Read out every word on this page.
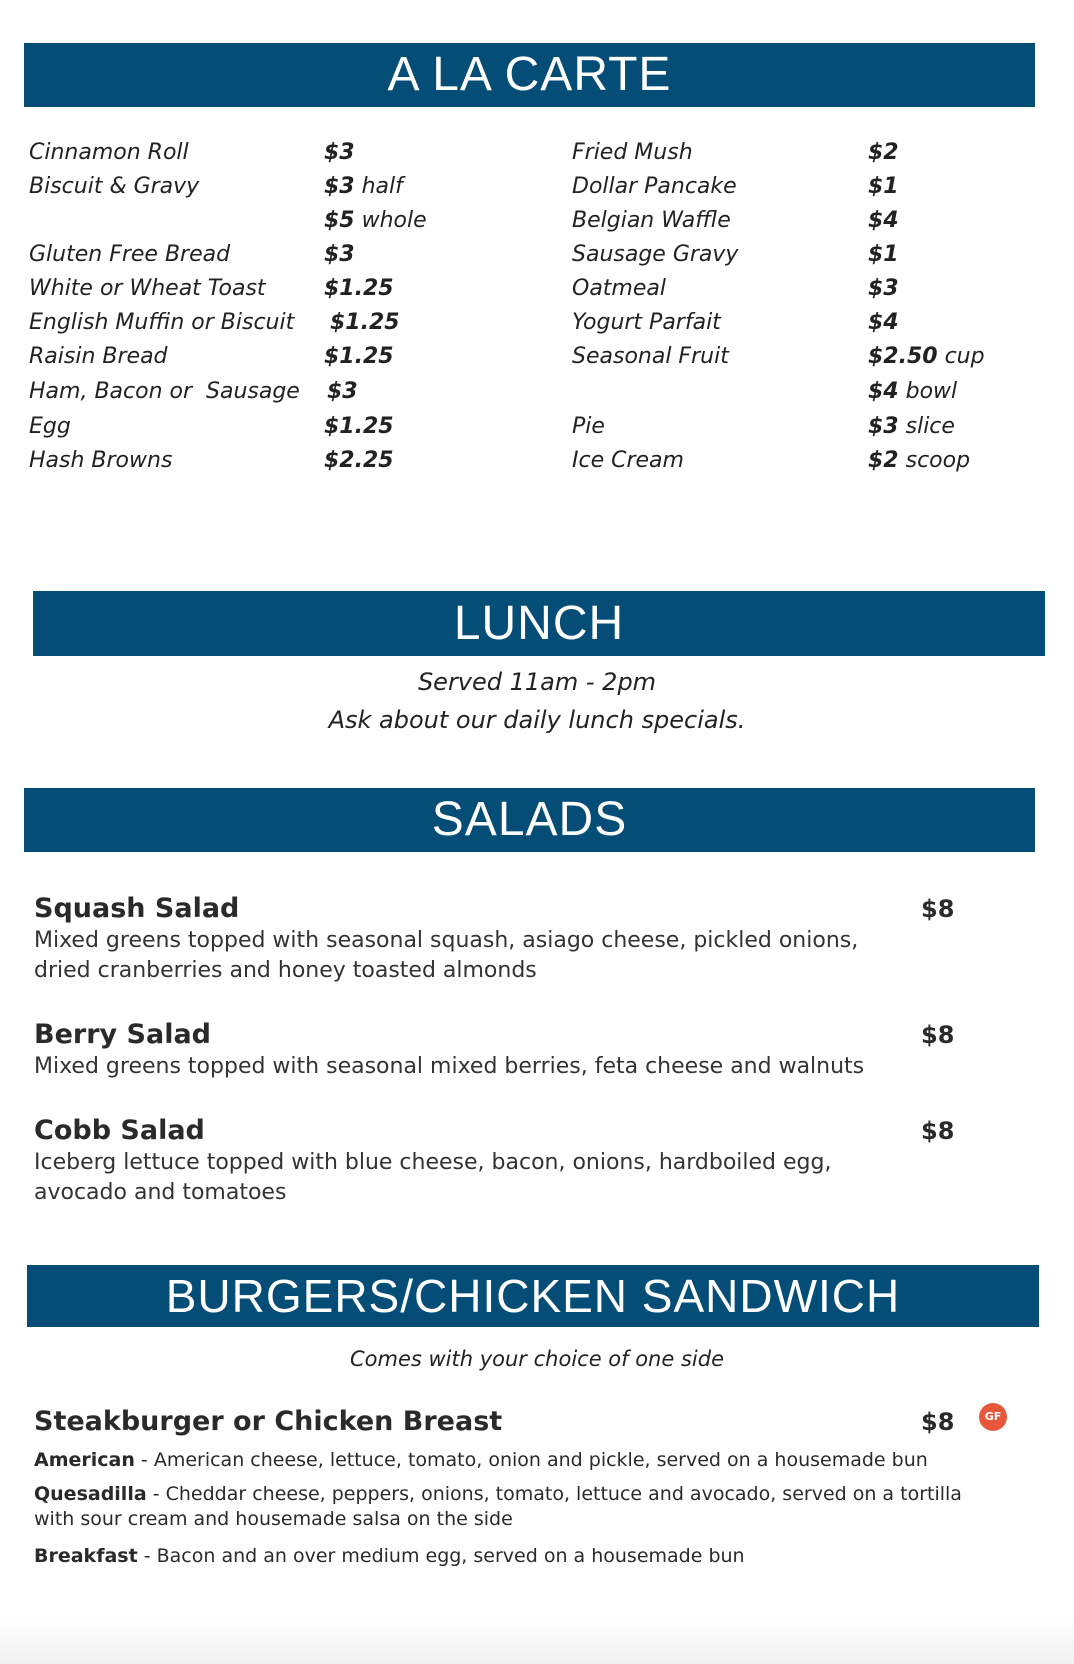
A LA CARTE
Cinnamon Roll	$3
Biscuit & Gravy	$3 half
$5 whole
Gluten Free Bread	$3
White or Wheat Toast	$1.25
English Muffin or Biscuit $1.25
Raisin Bread	$1.25
Ham, Bacon or  Sausage $3
Egg	$1.25
Hash Browns	$2.25
Fried Mush	$2
Dollar Pancake	$1
Belgian Waffle	$4
Sausage Gravy	$1
Oatmeal	$3
Yogurt Parfait	$4
Seasonal Fruit	$2.50 cup
$4 bowl
Pie	$3 slice
Ice Cream	$2 scoop
LUNCH
Served 11am - 2pm
Ask about our daily lunch specials.
SALADS
Squash Salad	$8
Mixed greens topped with seasonal squash, asiago cheese, pickled onions, dried cranberries and honey toasted almonds
Berry Salad	$8
Mixed greens topped with seasonal mixed berries, feta cheese and walnuts
Cobb Salad	$8
Iceberg lettuce topped with blue cheese, bacon, onions, hardboiled egg, avocado and tomatoes
BURGERS/CHICKEN SANDWICH
Comes with your choice of one side
Steakburger or Chicken Breast	$8	GF
American - American cheese, lettuce, tomato, onion and pickle, served on a housemade bun
Quesadilla - Cheddar cheese, peppers, onions, tomato, lettuce and avocado, served on a tortilla with sour cream and housemade salsa on the side
Breakfast - Bacon and an over medium egg, served on a housemade bun
